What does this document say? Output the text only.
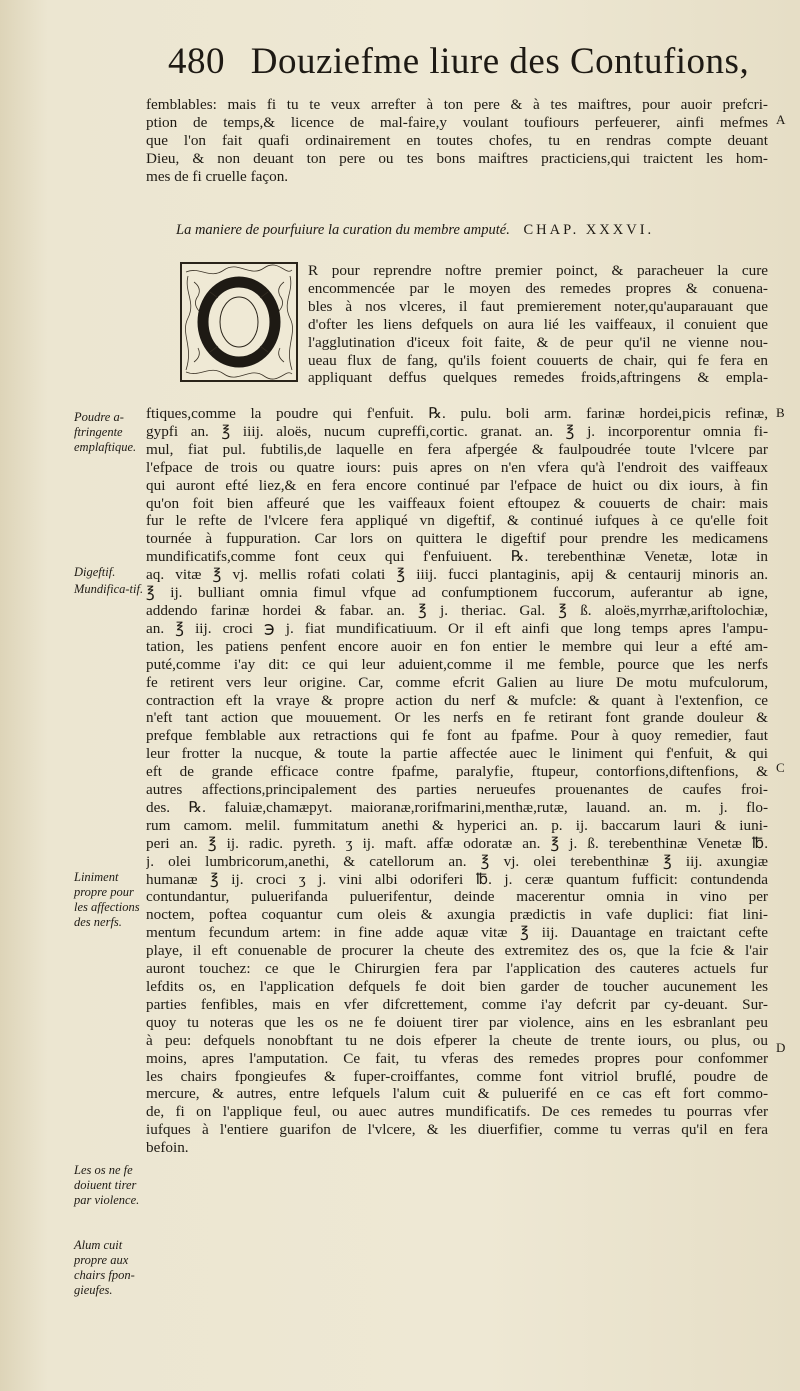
480 Douziefme liure des Contufions,
femblables: mais fi tu te veux arrefter à ton pere & à tes maiftres, pour auoir prefcri-
ption de temps,& licence de mal-faire,y voulant toufiours perfeuerer, ainfi mefmes
que l'on fait quafi ordinairement en toutes chofes, tu en rendras compte deuant
Dieu, & non deuant ton pere ou tes bons maiftres practiciens,qui traictent les hom-
mes de fi cruelle façon.
A
La maniere de pourfuiure la curation du membre amputé. CHAP. XXXVI.
R pour reprendre noftre premier poinct, & paracheuer la cure
encommencée par le moyen des remedes propres & conuena-
bles à nos vlceres, il faut premierement noter,qu'auparauant que
d'ofter les liens defquels on aura lié les vaiffeaux, il conuient que
l'agglutination d'iceux foit faite, & de peur qu'il ne vienne nou-
ueau flux de fang, qu'ils foient couuerts de chair, qui fe fera en
appliquant deffus quelques remedes froids,aftringens & empla-
ftiques,comme la poudre qui f'enfuit. ℞. pulu. boli arm. farinæ hordei,picis refinæ,
gypfi an. ℥ iiij. aloës, nucum cupreffi,cortic. granat. an. ℥ j. incorporentur omnia fi-
mul, fiat pul. fubtilis,de laquelle en fera afpergée & faulpoudrée toute l'vlcere par
l'efpace de trois ou quatre iours: puis apres on n'en vfera qu'à l'endroit des vaiffeaux
qui auront efté liez,& en fera encore continué par l'efpace de huict ou dix iours, à fin
qu'on foit bien affeuré que les vaiffeaux foient eftoupez & couuerts de chair: mais
fur le refte de l'vlcere fera appliqué vn digeftif, & continué iufques à ce qu'elle foit
tournée à fuppuration. Car lors on quittera le digeftif pour prendre les medicamens
mundificatifs,comme font ceux qui f'enfuiuent. ℞. terebenthinæ Venetæ, lotæ in
aq. vitæ ℥ vj. mellis rofati colati ℥ iiij. fucci plantaginis, apij & centaurij minoris an.
℥ ij. bulliant omnia fimul vfque ad confumptionem fuccorum, auferantur ab igne,
addendo farinæ hordei & fabar. an. ℥ j. theriac. Gal. ℥ ß. aloës,myrrhæ,ariftolochiæ,
an. ℥ iij. croci ℈ j. fiat mundificatiuum. Or il eft ainfi que long temps apres l'ampu-
tation, les patiens penfent encore auoir en fon entier le membre qui leur a efté am-
puté,comme i'ay dit: ce qui leur aduient,comme il me femble, pource que les nerfs
fe retirent vers leur origine. Car, comme efcrit Galien au liure De motu mufculorum,
contraction eft la vraye & propre action du nerf & mufcle: & quant à l'extenfion, ce
n'eft tant action que mouuement. Or les nerfs en fe retirant font grande douleur &
prefque femblable aux retractions qui fe font au fpafme. Pour à quoy remedier, faut
leur frotter la nucque, & toute la partie affectée auec le liniment qui f'enfuit, & qui
eft de grande efficace contre fpafme, paralyfie, ftupeur, contorfions,diftenfions, &
autres affections,principalement des parties nerueufes prouenantes de caufes froi-
des. ℞. faluiæ,chamæpyt. maioranæ,rorifmarini,menthæ,rutæ, lauand. an. m. j. flo-
rum camom. melil. fummitatum anethi & hyperici an. p. ij. baccarum lauri & iuni-
peri an. ℥ ij. radic. pyreth. ʒ ij. maft. affæ odoratæ an. ℥ j. ß. terebenthinæ Venetæ ℔.
j. olei lumbricorum,anethi, & catellorum an. ℥ vj. olei terebenthinæ ℥ iij. axungiæ
humanæ ℥ ij. croci ʒ j. vini albi odoriferi ℔. j. ceræ quantum fufficit: contundenda
contundantur, puluerifanda puluerifentur, deinde macerentur omnia in vino per
noctem, poftea coquantur cum oleis & axungia prædictis in vafe duplici: fiat lini-
mentum fecundum artem: in fine adde aquæ vitæ ℥ iij. Dauantage en traictant cefte
playe, il eft conuenable de procurer la cheute des extremitez des os, que la fcie & l'air
auront touchez: ce que le Chirurgien fera par l'application des cauteres actuels fur
lefdits os, en l'application defquels fe doit bien garder de toucher aucunement les
parties fenfibles, mais en vfer difcrettement, comme i'ay defcrit par cy-deuant. Sur-
quoy tu noteras que les os ne fe doiuent tirer par violence, ains en les esbranlant peu
à peu: defquels nonobftant tu ne dois efperer la cheute de trente iours, ou plus, ou
moins, apres l'amputation. Ce fait, tu vferas des remedes propres pour confommer
les chairs fpongieufes & fuper-croiffantes, comme font vitriol bruflé, poudre de
mercure, & autres, entre lefquels l'alum cuit & puluerifé en ce cas eft fort commo-
de, fi on l'applique feul, ou auec autres mundificatifs. De ces remedes tu pourras vfer
iufques à l'entiere guarifon de l'vlcere, & les diuerfifier, comme tu verras qu'il en fera
befoin.
Poudre a-ftringente emplaftique.
Digeftif.
Mundifica-tif.
Liniment propre pour les affections des nerfs.
Les os ne fe doiuent tirer par violence.
Alum cuit propre aux chairs fpon-gieufes.
B
C
D
